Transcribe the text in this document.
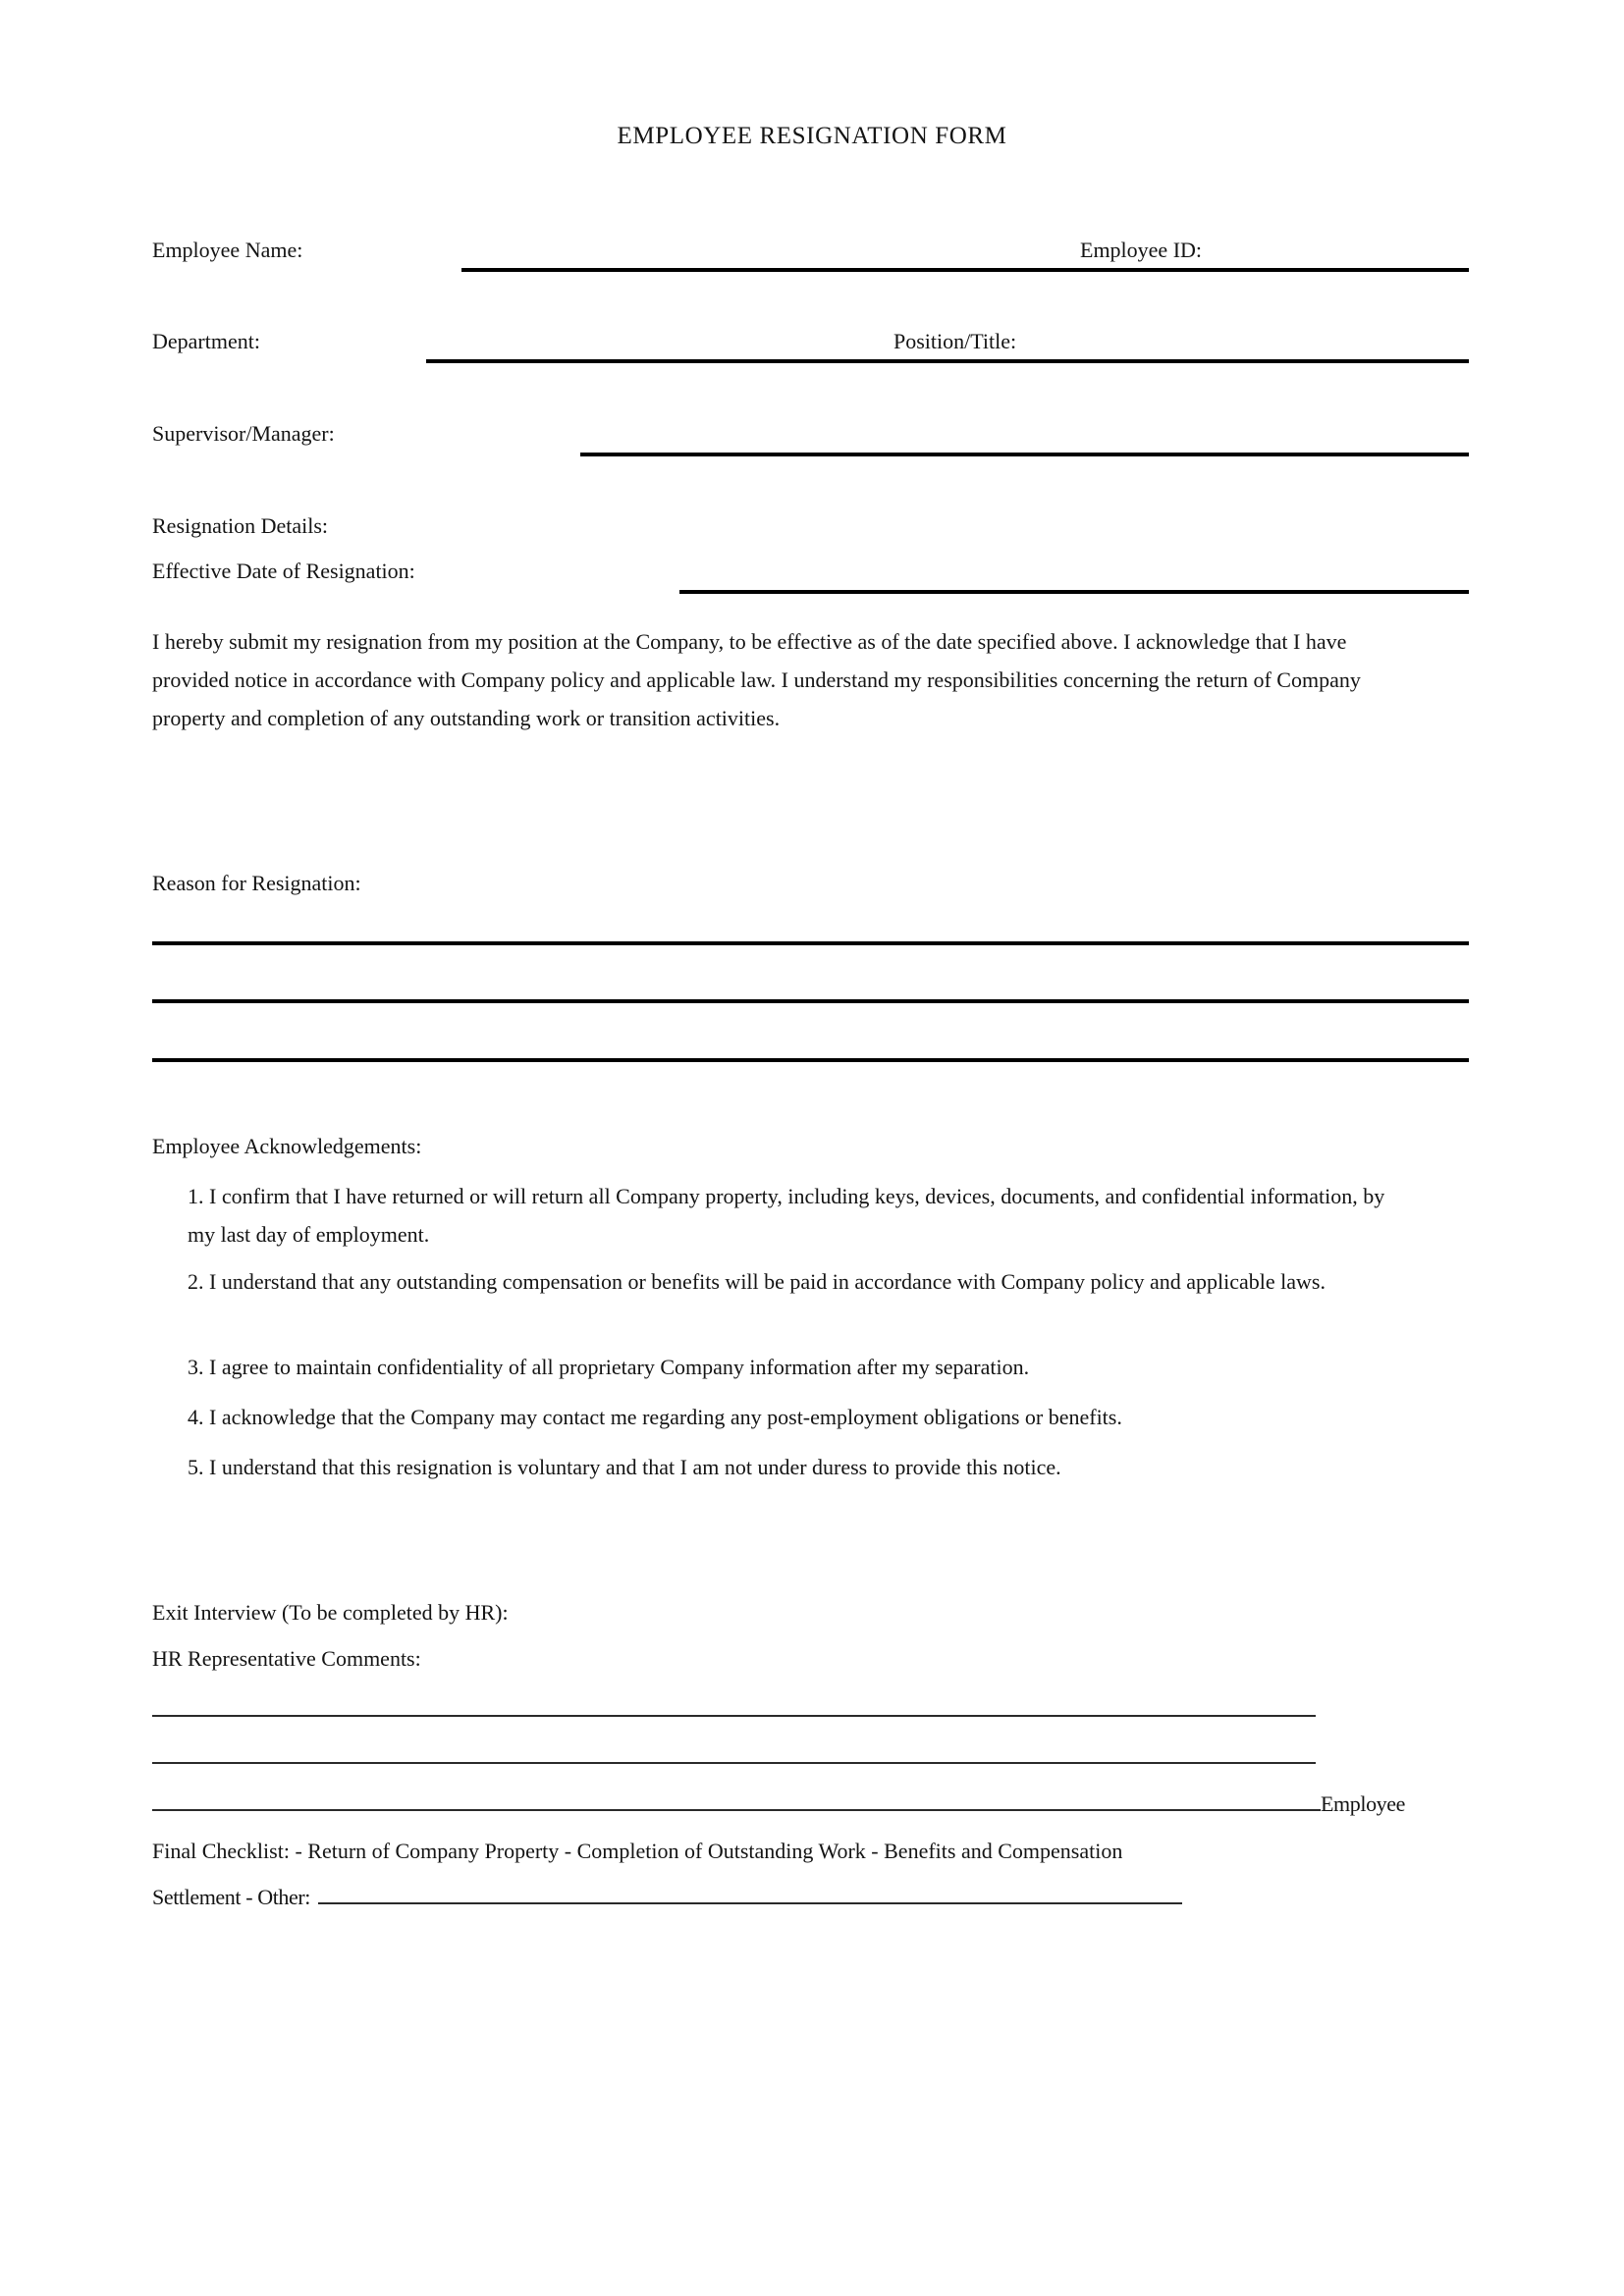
EMPLOYEE RESIGNATION FORM
Employee Name:	Employee ID:
Department:	Position/Title:
Supervisor/Manager:
Resignation Details:
Effective Date of Resignation:
I hereby submit my resignation from my position at the Company, to be effective as of the date specified above. I acknowledge that I have provided notice in accordance with Company policy and applicable law. I understand my responsibilities concerning the return of Company property and completion of any outstanding work or transition activities.
Reason for Resignation:
Employee Acknowledgements:
1. I confirm that I have returned or will return all Company property, including keys, devices, documents, and confidential information, by my last day of employment.
2. I understand that any outstanding compensation or benefits will be paid in accordance with Company policy and applicable laws.
3. I agree to maintain confidentiality of all proprietary Company information after my separation.
4. I acknowledge that the Company may contact me regarding any post-employment obligations or benefits.
5. I understand that this resignation is voluntary and that I am not under duress to provide this notice.
Exit Interview (To be completed by HR):
HR Representative Comments:
Employee
Final Checklist: - Return of Company Property - Completion of Outstanding Work - Benefits and Compensation
Settlement - Other:
